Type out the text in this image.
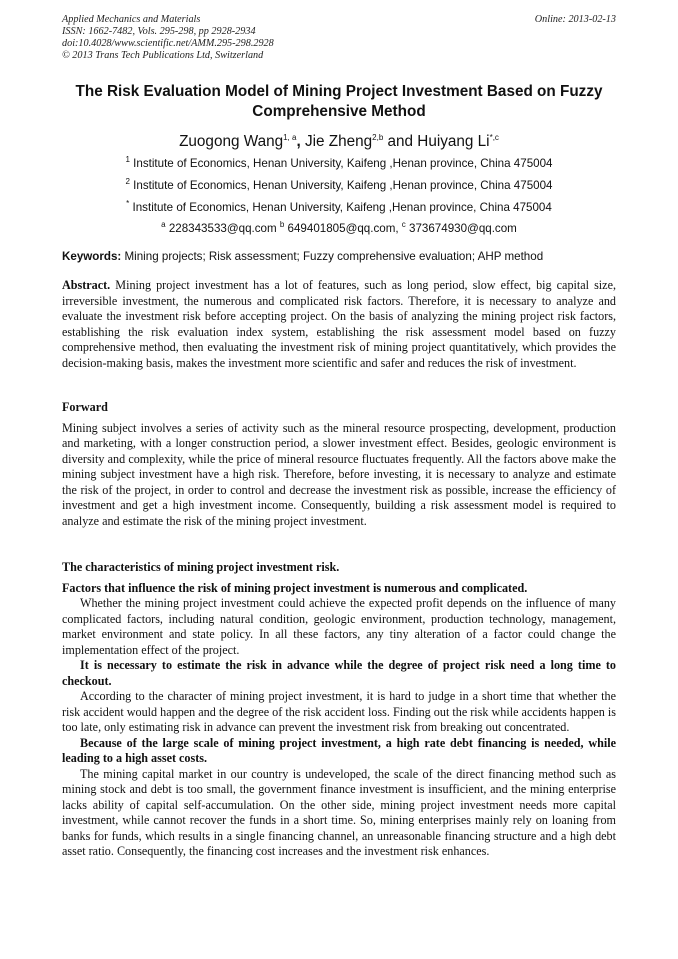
Applied Mechanics and Materials	Online: 2013-02-13
ISSN: 1662-7482, Vols. 295-298, pp 2928-2934
doi:10.4028/www.scientific.net/AMM.295-298.2928
© 2013 Trans Tech Publications Ltd, Switzerland
The Risk Evaluation Model of Mining Project Investment Based on Fuzzy
Comprehensive Method
Zuogong Wang$^{1, a}$, Jie Zheng$^{2,b}$ and Huiyang $Li^{*,c}$
$^1$ Institute of Economics, Henan University, Kaifeng ,Henan province, China 475004
$^2$ Institute of Economics, Henan University, Kaifeng ,Henan province, China 475004
* Institute of Economics, Henan University, Kaifeng ,Henan province, China 475004
$^a$ 228343533@qq.com $^b$ 649401805@qq.com, $^c$ 373674930@qq.com
Keywords: Mining projects; Risk assessment; Fuzzy comprehensive evaluation; AHP method

Abstract. Mining project investment has a lot of features, such as long period, slow effect, big capital size, irreversible investment, the numerous and complicated risk factors. Therefore, it is necessary to analyze and evaluate the investment risk before accepting project. On the basis of analyzing the mining project risk factors, establishing the risk evaluation index system, establishing the risk assessment model based on fuzzy comprehensive method, then evaluating the investment risk of mining project quantitatively, which provides the decision-making basis, makes the investment more scientific and safer and reduces the risk of investment.

Forward

Mining subject involves a series of activity such as the mineral resource prospecting, development, production and marketing, with a longer construction period, a slower investment effect. Besides, geologic environment is diversity and complexity, while the price of mineral resource fluctuates frequently. All the factors above make the mining subject investment have a high risk. Therefore, before investing, it is necessary to analyze and estimate the risk of the project, in order to control and decrease the investment risk as possible, increase the efficiency of investment and get a high investment income. Consequently, building a risk assessment model is required to analyze and estimate the risk of the mining project investment.

The characteristics of mining project investment risk.

Factors that influence the risk of mining project investment is numerous and complicated.

Whether the mining project investment could achieve the expected profit depends on the influence of many complicated factors, including natural condition, geologic environment, production technology, management, market environment and state policy. In all these factors, any tiny alteration of a factor could change the implementation effect of the project.

It is necessary to estimate the risk in advance while the degree of project risk need a long time to checkout.

According to the character of mining project investment, it is hard to judge in a short time that whether the risk accident would happen and the degree of the risk accident loss. Finding out the risk while accidents happen is too late, only estimating risk in advance can prevent the investment risk from breaking out concentrated.

Because of the large scale of mining project investment, a high rate debt financing is needed, while leading to a high asset costs.

The mining capital market in our country is undeveloped, the scale of the direct financing method such as mining stock and debt is too small, the government finance investment is insufficient, and the mining enterprise lacks ability of capital self-accumulation. On the other side, mining project investment needs more capital investment, while cannot recover the funds in a short time. So, mining enterprises mainly rely on loaning from banks for funds, which results in a single financing channel, an unreasonable financing structure and a high debt asset ratio. Consequently, the financing cost increases and the investment risk enhances.
